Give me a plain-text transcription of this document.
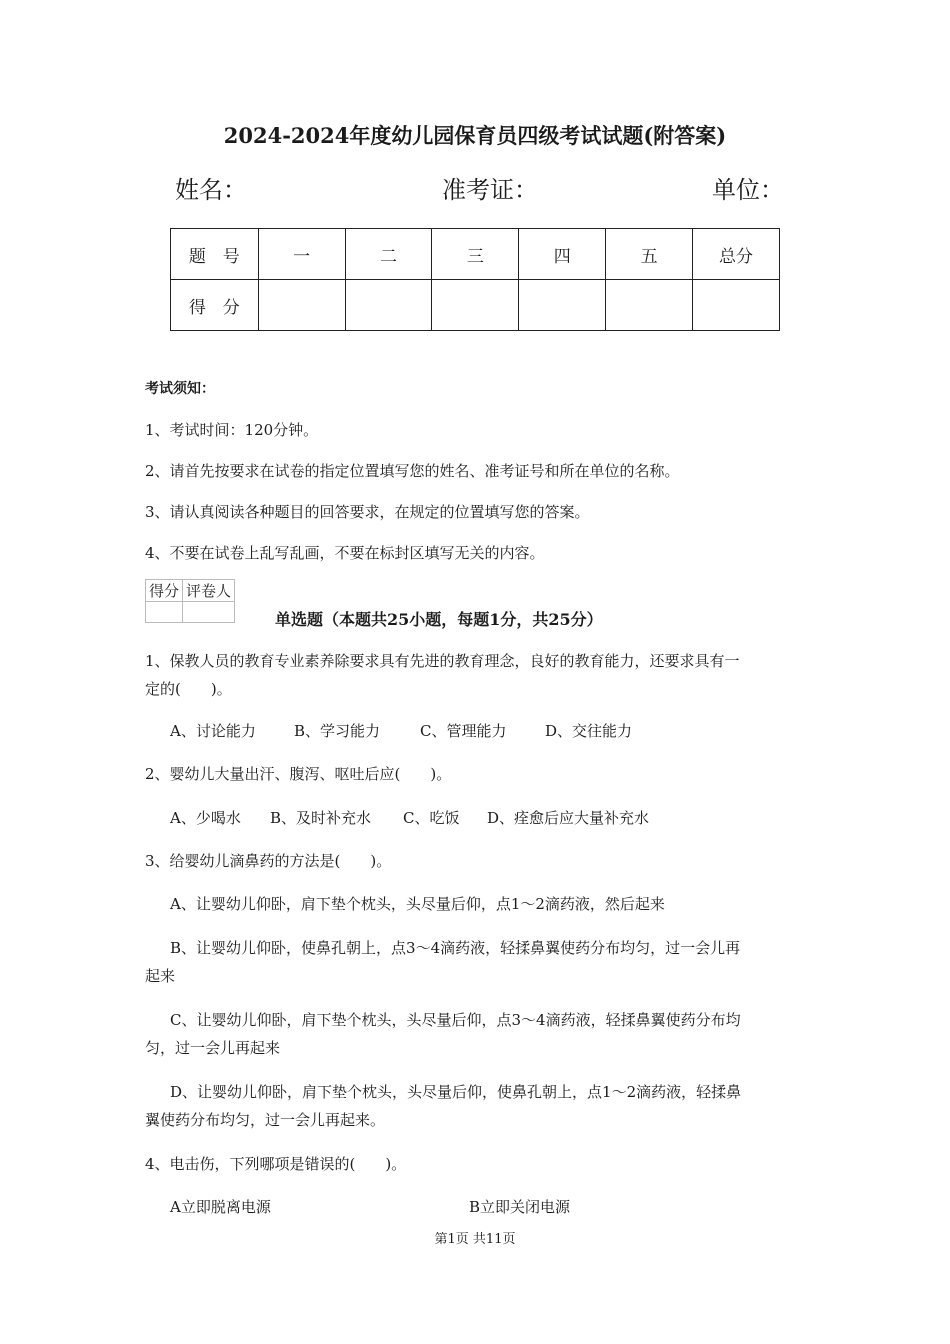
2024-2024年度幼儿园保育员四级考试试题(附答案)
姓名：	准考证：	单位：
题　号	一	二	三	四	五	总分
得　分						
考试须知：
1、考试时间：120分钟。
2、请首先按要求在试卷的指定位置填写您的姓名、准考证号和所在单位的名称。
3、请认真阅读各种题目的回答要求，在规定的位置填写您的答案。
4、不要在试卷上乱写乱画，不要在标封区填写无关的内容。
得分	评卷人

单选题（本题共25小题，每题1分，共25分）
1、保教人员的教育专业素养除要求具有先进的教育理念，良好的教育能力，还要求具有一
定的(　　)。
A、讨论能力	B、学习能力	C、管理能力	D、交往能力
2、婴幼儿大量出汗、腹泻、呕吐后应(　　)。
A、少喝水 B、及时补充水 C、吃饭 D、痊愈后应大量补充水
3、给婴幼儿滴鼻药的方法是(　　)。
A、让婴幼儿仰卧，肩下垫个枕头，头尽量后仰，点1～2滴药液，然后起来
B、让婴幼儿仰卧，使鼻孔朝上，点3～4滴药液，轻揉鼻翼使药分布均匀，过一会儿再
起来
C、让婴幼儿仰卧，肩下垫个枕头，头尽量后仰，点3～4滴药液，轻揉鼻翼使药分布均
匀，过一会儿再起来
D、让婴幼儿仰卧，肩下垫个枕头，头尽量后仰，使鼻孔朝上，点1～2滴药液，轻揉鼻
翼使药分布均匀，过一会儿再起来。
4、电击伤，下列哪项是错误的(　　)。
A立即脱离电源	B立即关闭电源
第1页 共11页
